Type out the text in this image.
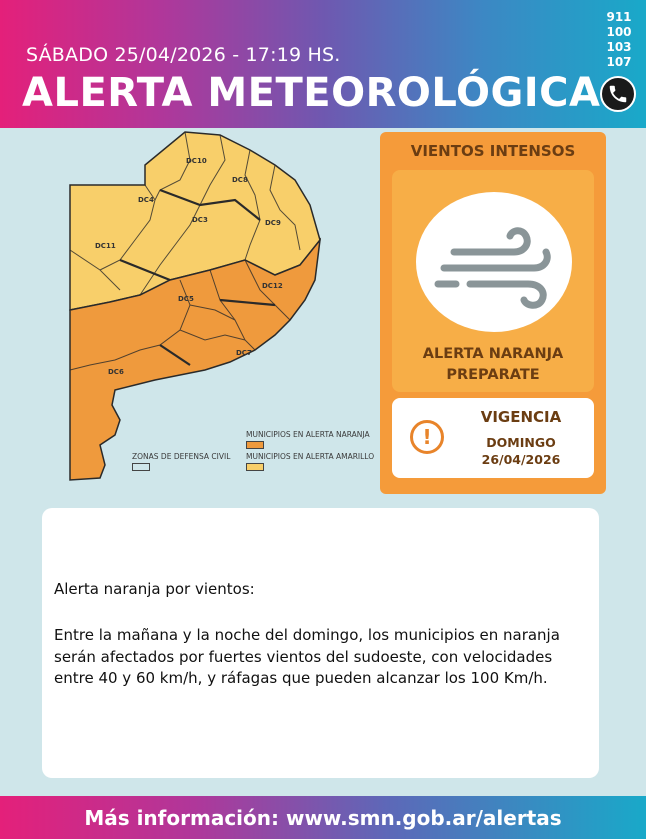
SÁBADO 25/04/2026 - 17:19 HS.
ALERTA METEOROLÓGICA
911
100
103
107
DC10
DC8
DC4
DC9
DC3
DC11
DC12
DC5
DC7
DC6
MUNICIPIOS EN ALERTA NARANJA
MUNICIPIOS EN ALERTA AMARILLO
ZONAS DE DEFENSA CIVIL
VIENTOS INTENSOS
ALERTA NARANJA
PREPARATE
!
VIGENCIA
DOMINGO
26/04/2026
Alerta naranja por vientos:
Entre la mañana y la noche del domingo, los municipios en naranja serán afectados por fuertes vientos del sudoeste, con velocidades entre 40 y 60 km/h, y ráfagas que pueden alcanzar los 100 Km/h.
Más información: www.smn.gob.ar/alertas
